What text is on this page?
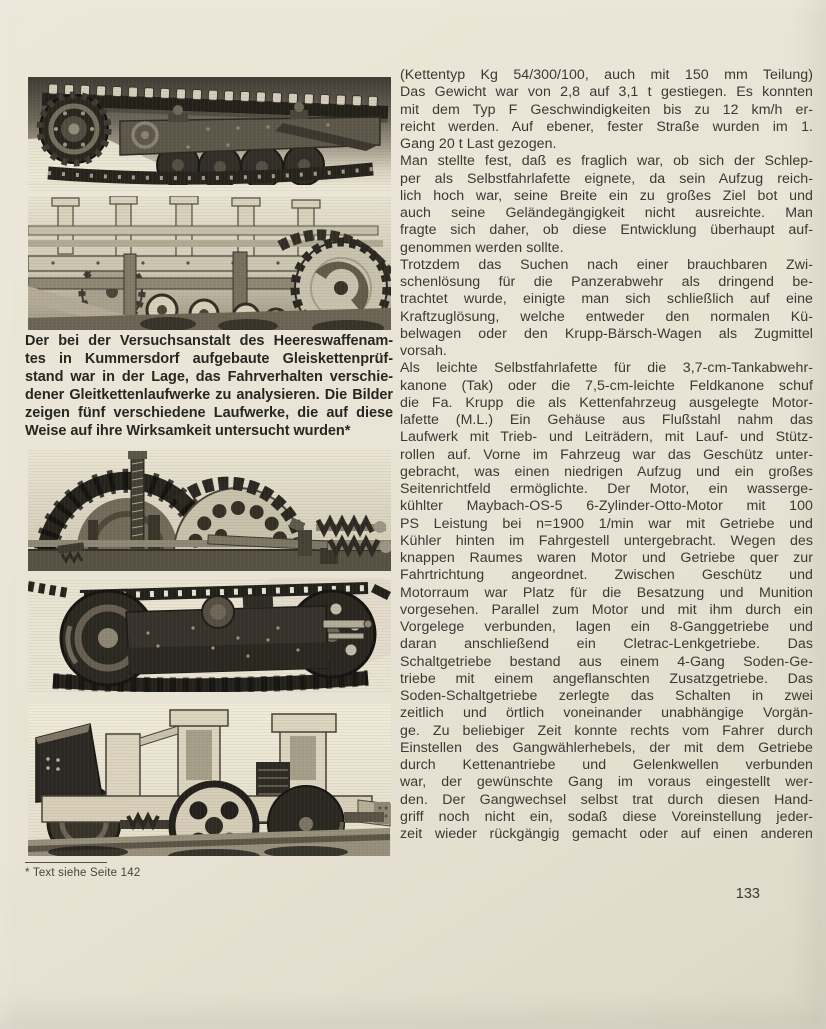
Der bei der Versuchsanstalt des Heereswaffenam-
tes in Kummersdorf aufgebaute Gleiskettenprüf-
stand war in der Lage, das Fahrverhalten verschie-
dener Gleitkettenlaufwerke zu analysieren. Die Bilder
zeigen fünf verschiedene Laufwerke, die auf diese
Weise auf ihre Wirksamkeit untersucht wurden*
* Text siehe Seite 142
(Kettentyp Kg 54/300/100, auch mit 150 mm Teilung)
Das Gewicht war von 2,8 auf 3,1 t gestiegen. Es konnten
mit dem Typ F Geschwindigkeiten bis zu 12 km/h er-
reicht werden. Auf ebener, fester Straße wurden im 1.
Gang 20 t Last gezogen.
Man stellte fest, daß es fraglich war, ob sich der Schlep-
per als Selbstfahrlafette eignete, da sein Aufzug reich-
lich hoch war, seine Breite ein zu großes Ziel bot und
auch seine Geländegängigkeit nicht ausreichte. Man
fragte sich daher, ob diese Entwicklung überhaupt auf-
genommen werden sollte.
Trotzdem das Suchen nach einer brauchbaren Zwi-
schenlösung für die Panzerabwehr als dringend be-
trachtet wurde, einigte man sich schließlich auf eine
Kraftzuglösung, welche entweder den normalen Kü-
belwagen oder den Krupp-Bärsch-Wagen als Zugmittel
vorsah.
Als leichte Selbstfahrlafette für die 3,7-cm-Tankabwehr-
kanone (Tak) oder die 7,5-cm-leichte Feldkanone schuf
die Fa. Krupp die als Kettenfahrzeug ausgelegte Motor-
lafette (M.L.) Ein Gehäuse aus Flußstahl nahm das
Laufwerk mit Trieb- und Leiträdern, mit Lauf- und Stütz-
rollen auf. Vorne im Fahrzeug war das Geschütz unter-
gebracht, was einen niedrigen Aufzug und ein großes
Seitenrichtfeld ermöglichte. Der Motor, ein wasserge-
kühlter Maybach-OS-5 6-Zylinder-Otto-Motor mit 100
PS Leistung bei n=1900 1/min war mit Getriebe und
Kühler hinten im Fahrgestell untergebracht. Wegen des
knappen Raumes waren Motor und Getriebe quer zur
Fahrtrichtung angeordnet. Zwischen Geschütz und
Motorraum war Platz für die Besatzung und Munition
vorgesehen. Parallel zum Motor und mit ihm durch ein
Vorgelege verbunden, lagen ein 8-Ganggetriebe und
daran anschließend ein Cletrac-Lenkgetriebe. Das
Schaltgetriebe bestand aus einem 4-Gang Soden-Ge-
triebe mit einem angeflanschten Zusatzgetriebe. Das
Soden-Schaltgetriebe zerlegte das Schalten in zwei
zeitlich und örtlich voneinander unabhängige Vorgän-
ge. Zu beliebiger Zeit konnte rechts vom Fahrer durch
Einstellen des Gangwählerhebels, der mit dem Getriebe
durch Kettenantriebe und Gelenkwellen verbunden
war, der gewünschte Gang im voraus eingestellt wer-
den. Der Gangwechsel selbst trat durch diesen Hand-
griff noch nicht ein, sodaß diese Voreinstellung jeder-
zeit wieder rückgängig gemacht oder auf einen anderen
133
